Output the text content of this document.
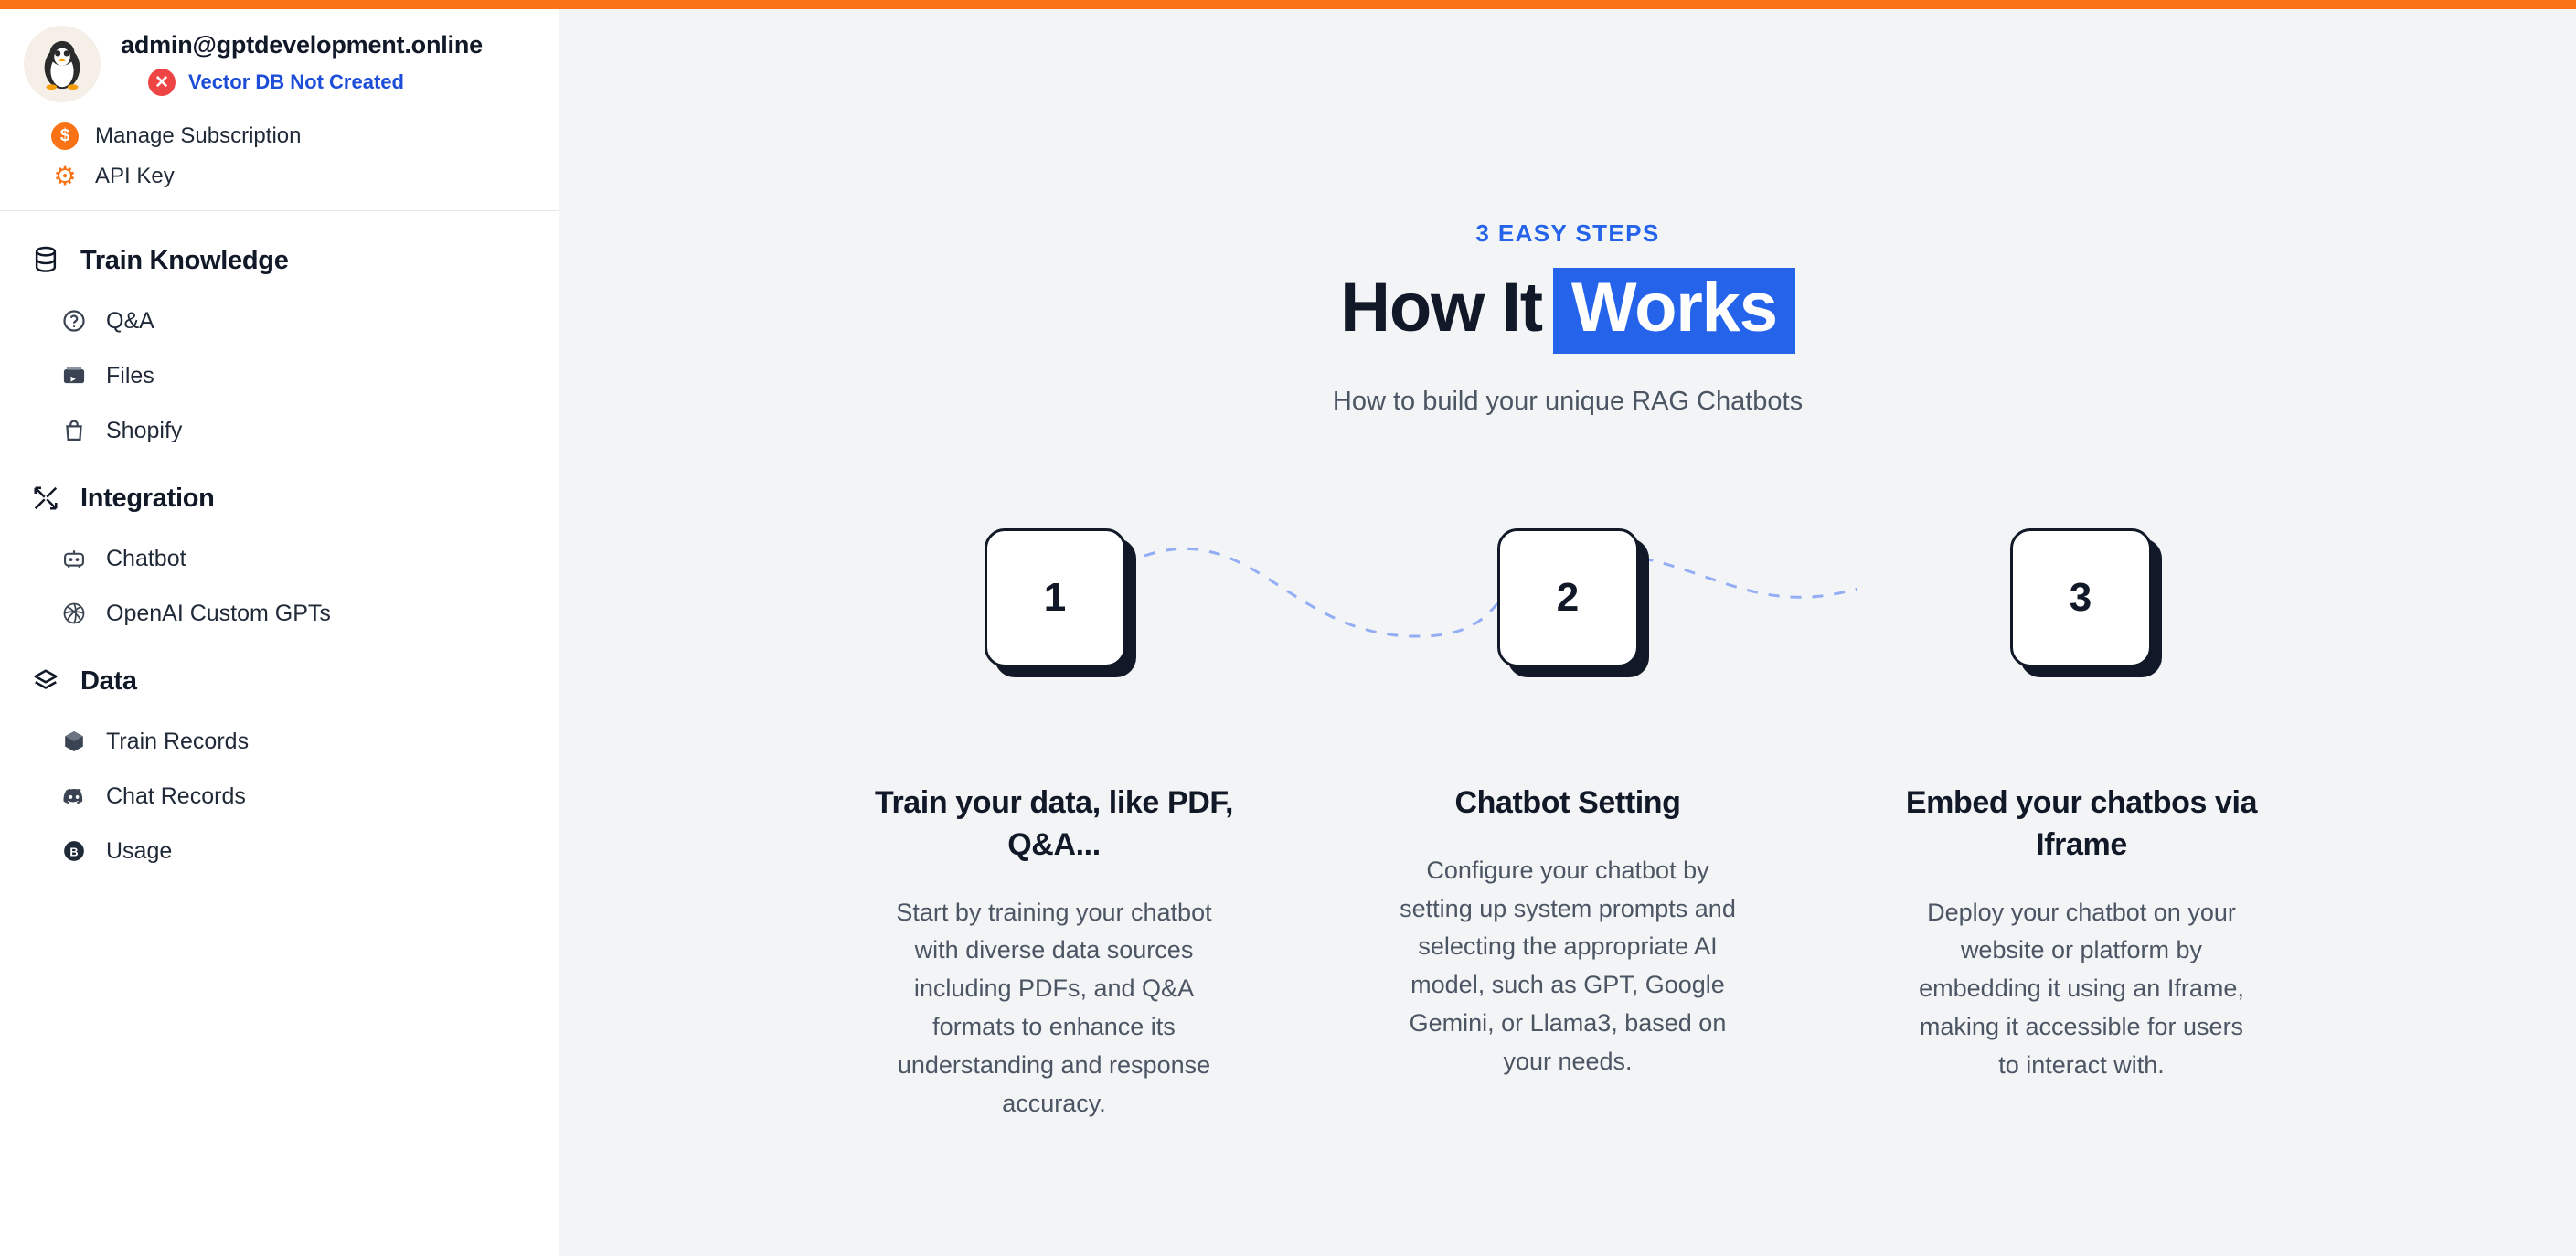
admin@gptdevelopment.online
✕ Vector DB Not Created
$	Manage Subscription
⚙ API Key
Train Knowledge
Q&A
Files
Shopify
Integration
Chatbot
OpenAI Custom GPTs
Data
Train Records
Chat Records
B Usage
3 EASY STEPS
How It Works
How to build your unique RAG Chatbots
1	2	3
Train your data, like PDF, Q&A...
Start by training your chatbot with diverse data sources including PDFs, and Q&A formats to enhance its understanding and response accuracy.
Chatbot Setting
Configure your chatbot by setting up system prompts and selecting the appropriate AI model, such as GPT, Google Gemini, or Llama3, based on your needs.
Embed your chatbos via Iframe
Deploy your chatbot on your website or platform by embedding it using an Iframe, making it accessible for users to interact with.
